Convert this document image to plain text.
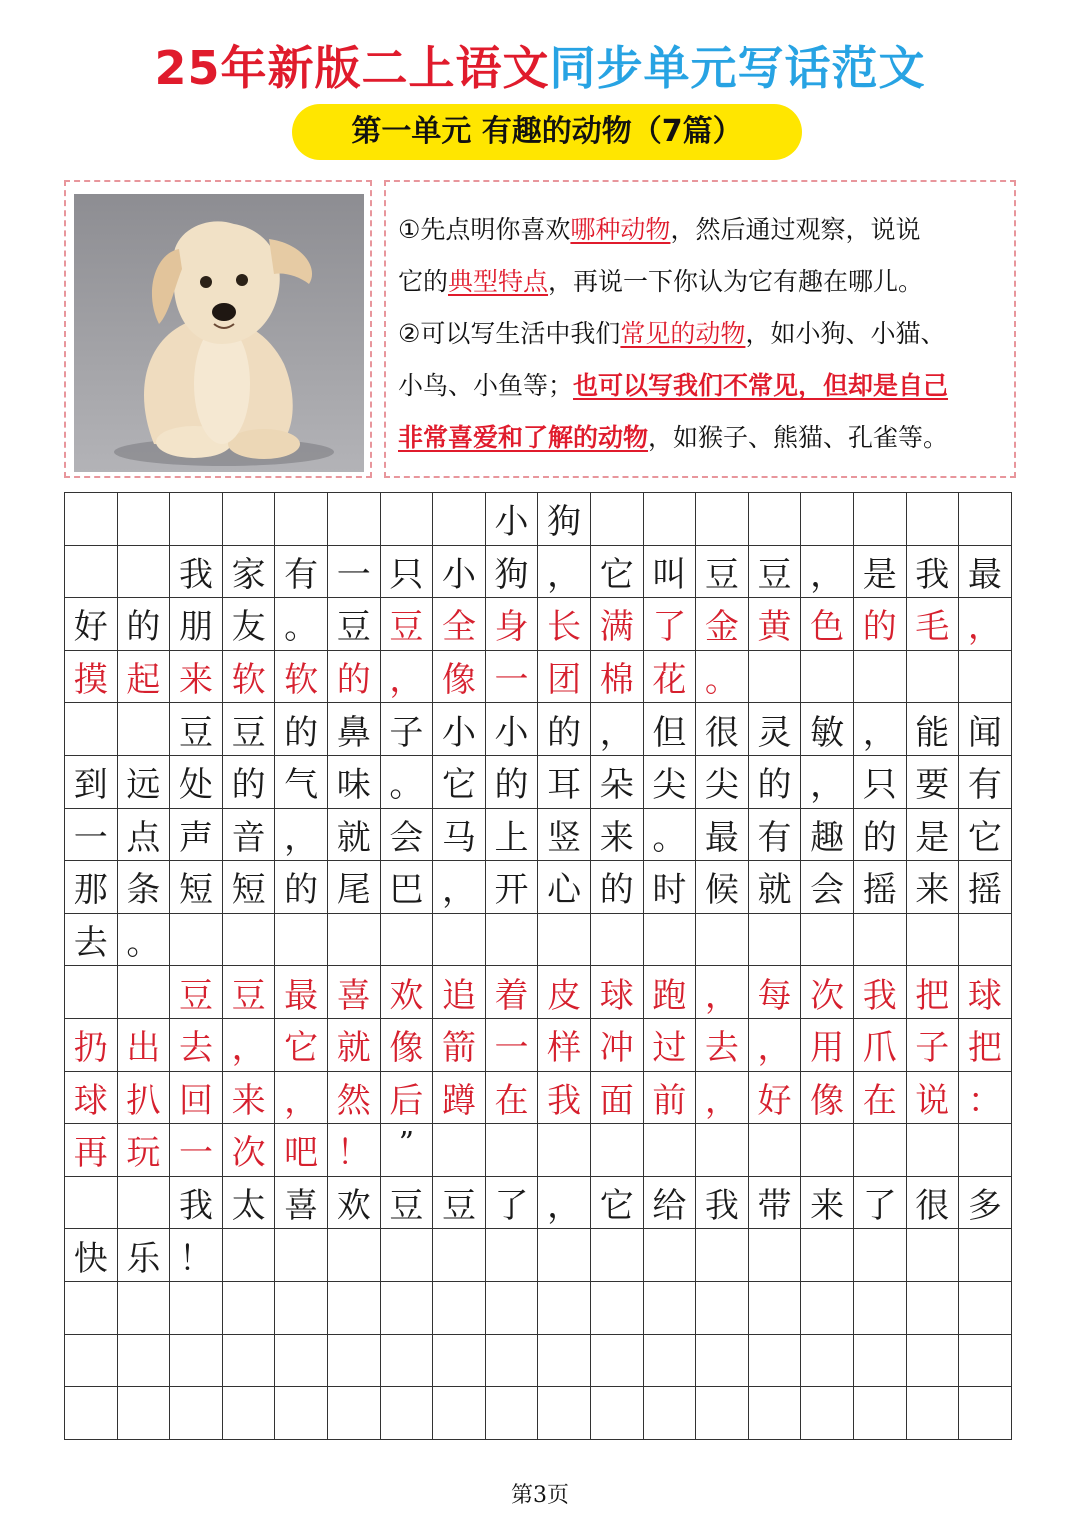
25年新版二上语文同步单元写话范文
第一单元 有趣的动物（7篇）
①先点明你喜欢哪种动物，然后通过观察，说说
它的典型特点，再说一下你认为它有趣在哪儿。
②可以写生活中我们常见的动物，如小狗、小猫、
小鸟、小鱼等；也可以写我们不常见，但却是自己
非常喜爱和了解的动物，如猴子、熊猫、孔雀等。
小 狗
我 家 有 一 只 小 狗 ， 它 叫 豆 豆 ， 是 我 最
好 的 朋 友 。 豆 豆 全 身 长 满 了 金 黄 色 的 毛 ，
摸 起 来 软 软 的 ， 像 一 团 棉 花 。
豆 豆 的 鼻 子 小 小 的 ， 但 很 灵 敏 ， 能 闻
到 远 处 的 气 味 。 它 的 耳 朵 尖 尖 的 ， 只 要 有
一 点 声 音 ， 就 会 马 上 竖 来 。 最 有 趣 的 是 它
那 条 短 短 的 尾 巴 ， 开 心 的 时 候 就 会 摇 来 摇
去 。
豆 豆 最 喜 欢 追 着 皮 球 跑 ， 每 次 我 把 球
扔 出 去 ， 它 就 像 箭 一 样 冲 过 去 ， 用 爪 子 把
球 扒 回 来 ， 然 后 蹲 在 我 面 前 ， 好 像 在 说 ：
再 玩 一 次 吧 ！ ”
我 太 喜 欢 豆 豆 了 ， 它 给 我 带 来 了 很 多
快 乐 ！
第3页
